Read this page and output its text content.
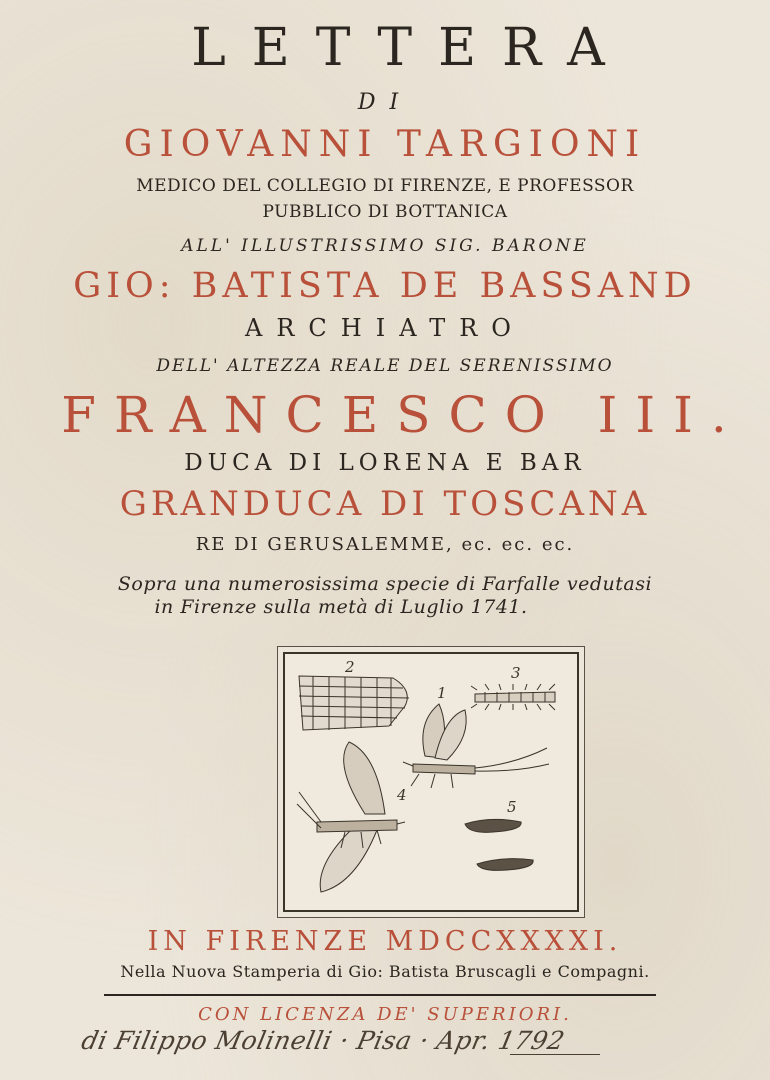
LETTERA
DI
GIOVANNI TARGIONI
MEDICO DEL COLLEGIO DI FIRENZE, E PROFESSOR
PUBBLICO DI BOTTANICA
ALL' ILLUSTRISSIMO SIG. BARONE
GIO: BATISTA DE BASSAND
ARCHIATRO
DELL' ALTEZZA REALE DEL SERENISSIMO
FRANCESCO III.
DUCA DI LORENA E BAR
GRANDUCA DI TOSCANA
RE DI GERUSALEMME, ec. ec. ec.
Sopra una numerosissima specie di Farfalle vedutasi
in Firenze sulla metà di Luglio 1741.
2	3
1
4
5
IN FIRENZE MDCCXXXXI.
Nella Nuova Stamperia di Gio: Batista Bruscagli e Compagni.
CON LICENZA DE' SUPERIORI.
di Filippo Molinelli · Pisa · Apr. 1792
